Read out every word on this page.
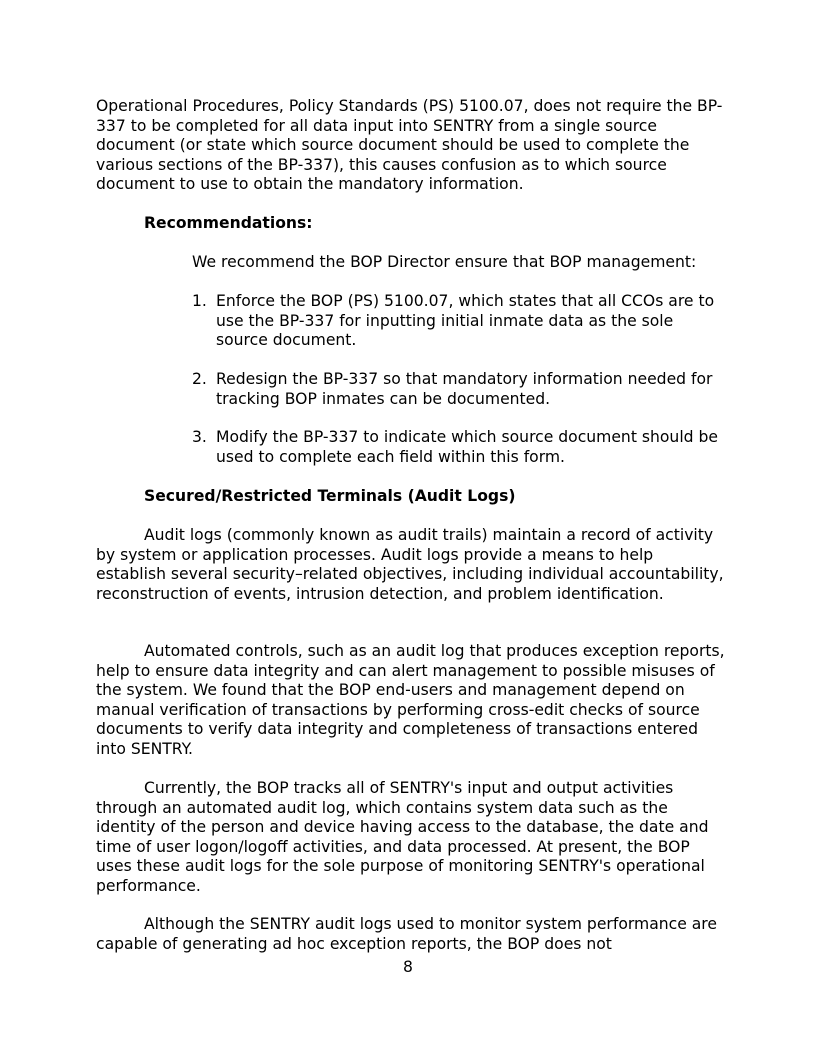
Operational Procedures, Policy Standards (PS) 5100.07, does not require the BP-337 to be completed for all data input into SENTRY from a single source document (or state which source document should be used to complete the various sections of the BP-337), this causes confusion as to which source document to use to obtain the mandatory information.

Recommendations:

We recommend the BOP Director ensure that BOP management:

1. Enforce the BOP (PS) 5100.07, which states that all CCOs are to use the BP-337 for inputting initial inmate data as the sole source document.
2. Redesign the BP-337 so that mandatory information needed for tracking BOP inmates can be documented.
3. Modify the BP-337 to indicate which source document should be used to complete each field within this form.

Secured/Restricted Terminals (Audit Logs)

Audit logs (commonly known as audit trails) maintain a record of activity by system or application processes. Audit logs provide a means to help establish several security–related objectives, including individual accountability, reconstruction of events, intrusion detection, and problem identification.

Automated controls, such as an audit log that produces exception reports, help to ensure data integrity and can alert management to possible misuses of the system. We found that the BOP end-users and management depend on manual verification of transactions by performing cross-edit checks of source documents to verify data integrity and completeness of transactions entered into SENTRY.

Currently, the BOP tracks all of SENTRY's input and output activities through an automated audit log, which contains system data such as the identity of the person and device having access to the database, the date and time of user logon/logoff activities, and data processed. At present, the BOP uses these audit logs for the sole purpose of monitoring SENTRY's operational performance.

Although the SENTRY audit logs used to monitor system performance are capable of generating ad hoc exception reports, the BOP does not

8
